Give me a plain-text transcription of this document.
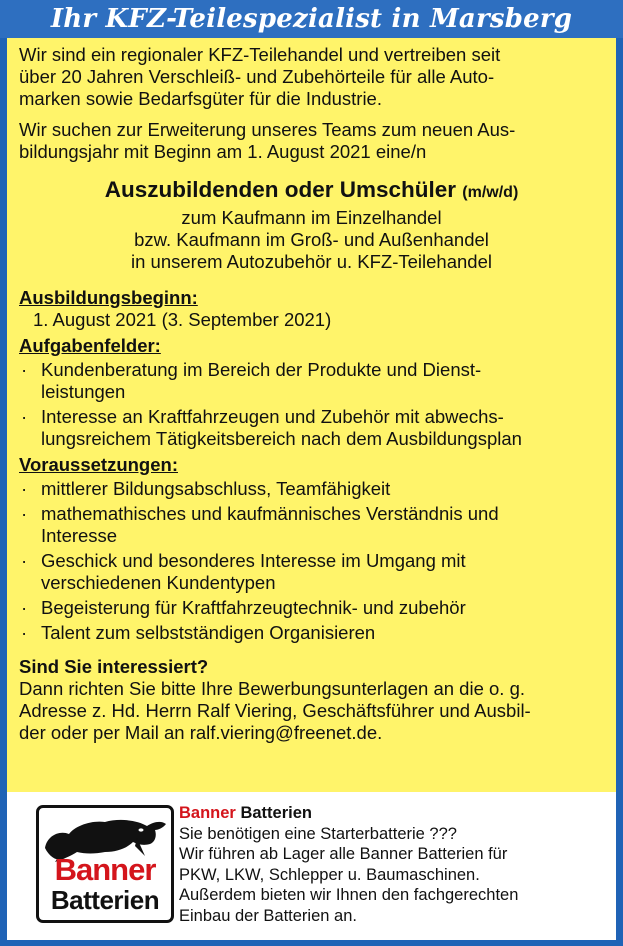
Ihr KFZ-Teilespezialist in Marsberg
Wir sind ein regionaler KFZ-Teilehandel und vertreiben seit
über 20 Jahren Verschleiß- und Zubehörteile für alle Auto-
marken sowie Bedarfsgüter für die Industrie.
Wir suchen zur Erweiterung unseres Teams zum neuen Aus-
bildungsjahr mit Beginn am 1. August 2021 eine/n
Auszubildenden oder Umschüler (m/w/d)
zum Kaufmann im Einzelhandel
bzw. Kaufmann im Groß- und Außenhandel
in unserem Autozubehör u. KFZ-Teilehandel
Ausbildungsbeginn:
1. August 2021 (3. September 2021)
Aufgabenfelder:
· Kundenberatung im Bereich der Produkte und Dienst-
leistungen
· Interesse an Kraftfahrzeugen und Zubehör mit abwechs-
lungsreichem Tätigkeitsbereich nach dem Ausbildungsplan
Voraussetzungen:
· mittlerer Bildungsabschluss, Teamfähigkeit
· mathemathisches und kaufmännisches Verständnis und
Interesse
· Geschick und besonderes Interesse im Umgang mit
verschiedenen Kundentypen
· Begeisterung für Kraftfahrzeugtechnik- und zubehör
· Talent zum selbstständigen Organisieren
Sind Sie interessiert?
Dann richten Sie bitte Ihre Bewerbungsunterlagen an die o. g.
Adresse z. Hd. Herrn Ralf Viering, Geschäftsführer und Ausbil-
der oder per Mail an ralf.viering@freenet.de.
Banner
Batterien
Banner Batterien
Sie benötigen eine Starterbatterie ???
Wir führen ab Lager alle Banner Batterien für
PKW, LKW, Schlepper u. Baumaschinen.
Außerdem bieten wir Ihnen den fachgerechten
Einbau der Batterien an.
